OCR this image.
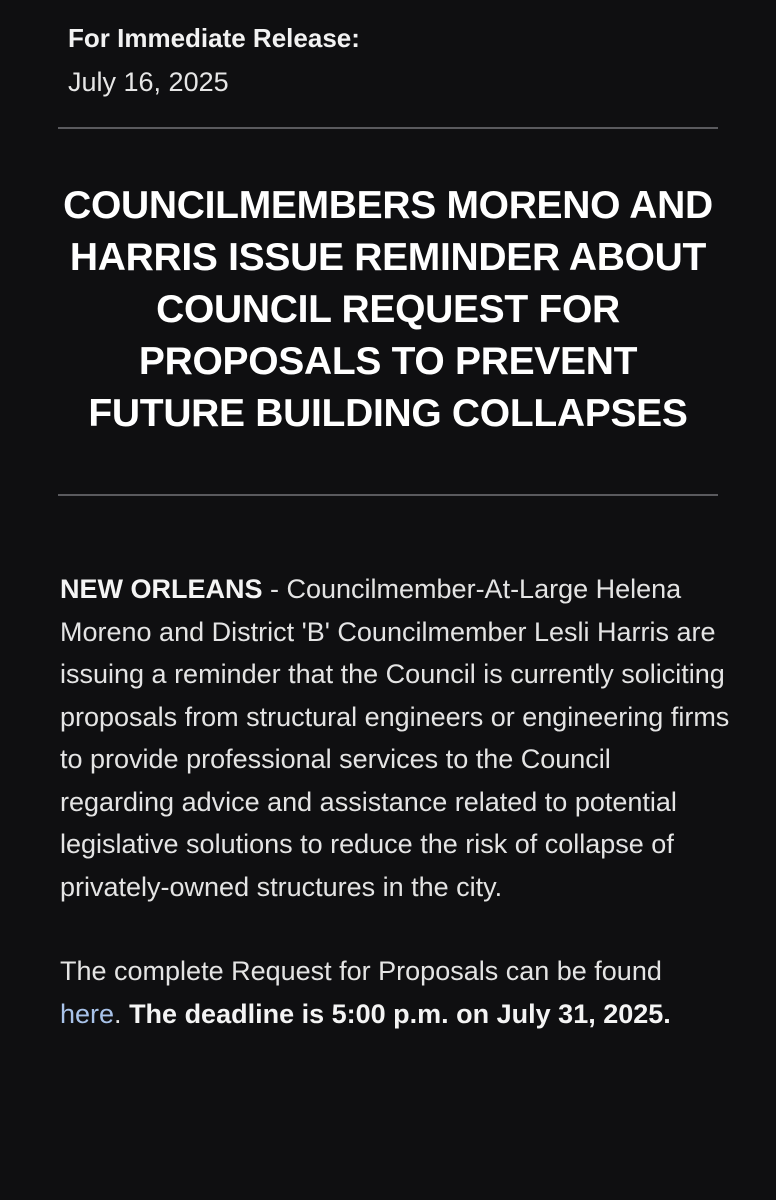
For Immediate Release:
July 16, 2025
COUNCILMEMBERS MORENO AND HARRIS ISSUE REMINDER ABOUT COUNCIL REQUEST FOR PROPOSALS TO PREVENT FUTURE BUILDING COLLAPSES

NEW ORLEANS - Councilmember-At-Large Helena Moreno and District 'B' Councilmember Lesli Harris are issuing a reminder that the Council is currently soliciting proposals from structural engineers or engineering firms to provide professional services to the Council regarding advice and assistance related to potential legislative solutions to reduce the risk of collapse of privately-owned structures in the city.

The complete Request for Proposals can be found here. The deadline is 5:00 p.m. on July 31, 2025.
